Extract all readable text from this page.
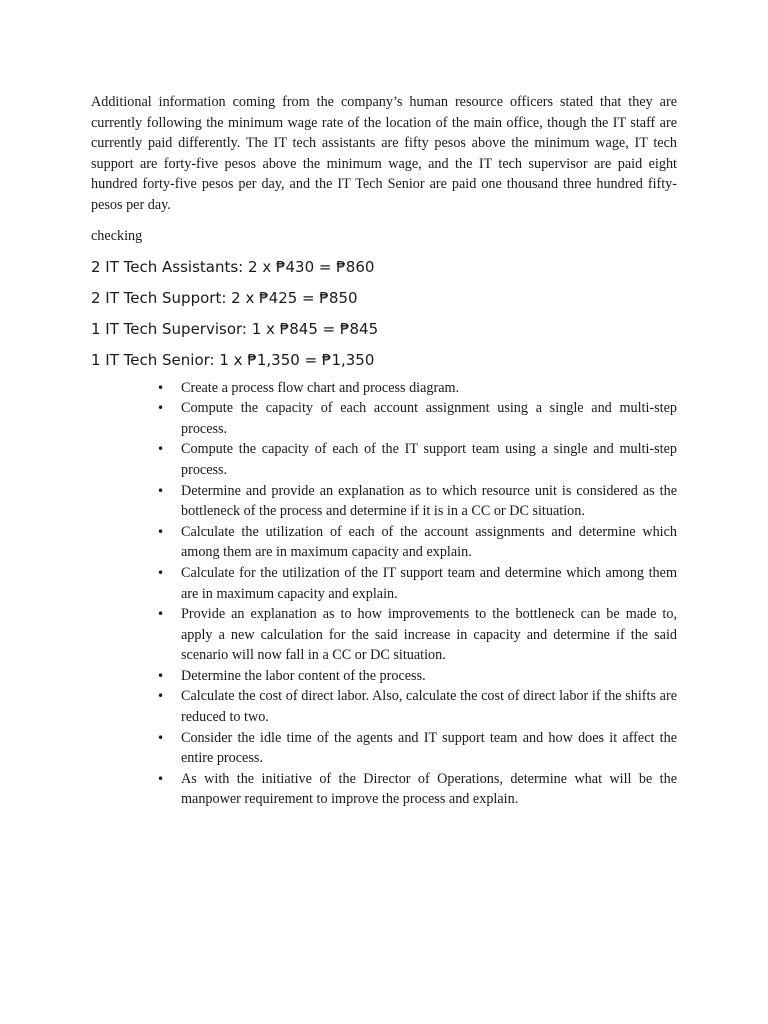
Additional information coming from the company’s human resource officers stated that they are currently following the minimum wage rate of the location of the main office, though the IT staff are currently paid differently. The IT tech assistants are fifty pesos above the minimum wage, IT tech support are forty-five pesos above the minimum wage, and the IT tech supervisor are paid eight hundred forty-five pesos per day, and the IT Tech Senior are paid one thousand three hundred fifty-pesos per day.

checking

2 IT Tech Assistants: 2 x ₱430 = ₱860

2 IT Tech Support: 2 x ₱425 = ₱850

1 IT Tech Supervisor: 1 x ₱845 = ₱845

1 IT Tech Senior: 1 x ₱1,350 = ₱1,350

• Create a process flow chart and process diagram.
• Compute the capacity of each account assignment using a single and multi-step process.
• Compute the capacity of each of the IT support team using a single and multi-step process.
• Determine and provide an explanation as to which resource unit is considered as the bottleneck of the process and determine if it is in a CC or DC situation.
• Calculate the utilization of each of the account assignments and determine which among them are in maximum capacity and explain.
• Calculate for the utilization of the IT support team and determine which among them are in maximum capacity and explain.
• Provide an explanation as to how improvements to the bottleneck can be made to, apply a new calculation for the said increase in capacity and determine if the said scenario will now fall in a CC or DC situation.
• Determine the labor content of the process.
• Calculate the cost of direct labor. Also, calculate the cost of direct labor if the shifts are reduced to two.
• Consider the idle time of the agents and IT support team and how does it affect the entire process.
• As with the initiative of the Director of Operations, determine what will be the manpower requirement to improve the process and explain.
